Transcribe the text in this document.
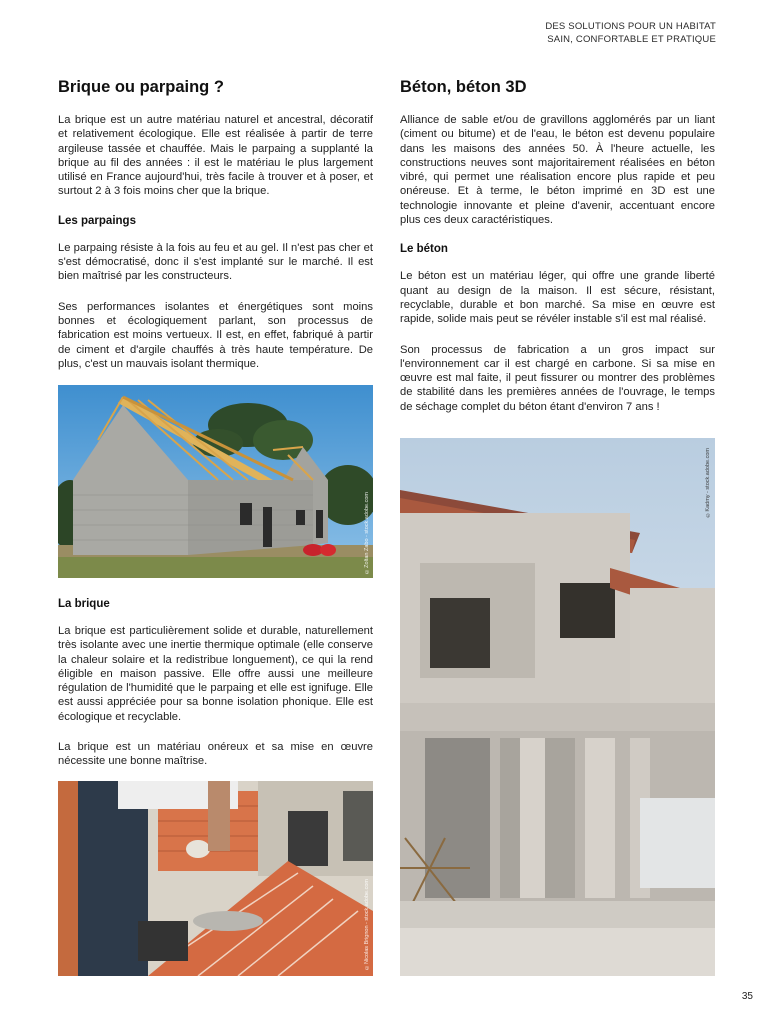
DES SOLUTIONS POUR UN HABITAT
SAIN, CONFORTABLE ET PRATIQUE
Brique ou parpaing ?

La brique est un autre matériau naturel et ancestral, décoratif et relativement écologique. Elle est réalisée à partir de terre argileuse tassée et chauffée. Mais le parpaing a supplanté la brique au fil des années : il est le matériau le plus largement utilisé en France aujourd'hui, très facile à trouver et à poser, et surtout 2 à 3 fois moins cher que la brique.

Les parpaings

Le parpaing résiste à la fois au feu et au gel. Il n'est pas cher et s'est démocratisé, donc il s'est implanté sur le marché. Il est bien maîtrisé par les constructeurs.

Ses performances isolantes et énergétiques sont moins bonnes et écologiquement parlant, son processus de fabrication est moins vertueux. Il est, en effet, fabriqué à partir de ciment et d'argile chauffés à très haute température. De plus, c'est un mauvais isolant thermique.

©Zoltan Zabo - stock.adobe.com
La brique

La brique est particulièrement solide et durable, naturellement très isolante avec une inertie thermique optimale (elle conserve la chaleur solaire et la redistribue longuement), ce qui la rend éligible en maison passive. Elle offre aussi une meilleure régulation de l'humidité que le parpaing et elle est ignifuge. Elle est aussi appréciée pour sa bonne isolation phonique. Elle est écologique et recyclable.

La brique est un matériau onéreux et sa mise en œuvre nécessite une bonne maîtrise.

©Nicolas Brignon - stock.adobe.com
Béton, béton 3D

Alliance de sable et/ou de gravillons agglomérés par un liant (ciment ou bitume) et de l'eau, le béton est devenu populaire dans les maisons des années 50. À l'heure actuelle, les constructions neuves sont majoritairement réalisées en béton vibré, qui permet une réalisation encore plus rapide et peu onéreuse. Et à terme, le béton imprimé en 3D est une technologie innovante et pleine d'avenir, accentuant encore plus ces deux caractéristiques.

Le béton

Le béton est un matériau léger, qui offre une grande liberté quant au design de la maison. Il est sécure, résistant, recyclable, durable et bon marché. Sa mise en œuvre est rapide, solide mais peut se révéler instable s'il est mal réalisé.

Son processus de fabrication a un gros impact sur l'environnement car il est chargé en carbone. Si sa mise en œuvre est mal faite, il peut fissurer ou montrer des problèmes de stabilité dans les premières années de l'ouvrage, le temps de séchage complet du béton étant d'environ 7 ans !

©Kadmy - stock.adobe.com
35
